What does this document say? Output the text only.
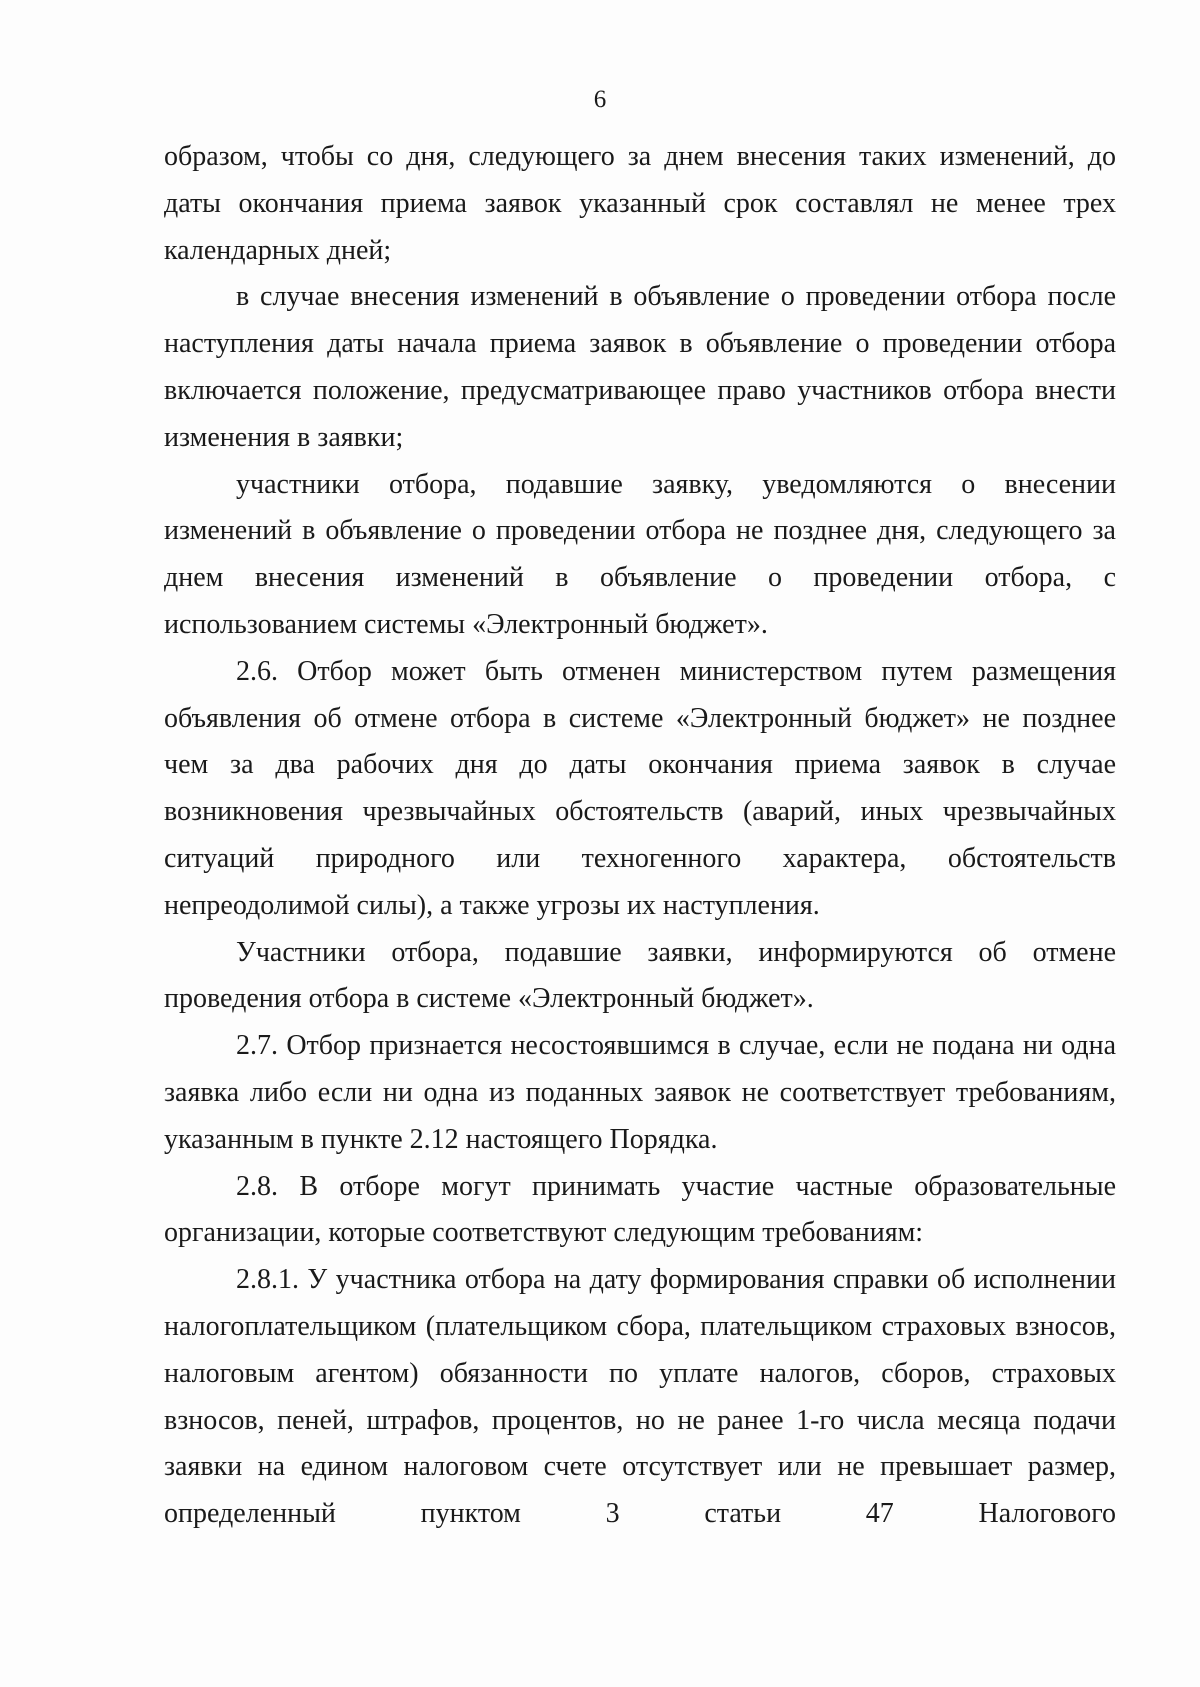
6

образом, чтобы со дня, следующего за днем внесения таких изменений, до даты окончания приема заявок указанный срок составлял не менее трех календарных дней;

в случае внесения изменений в объявление о проведении отбора после наступления даты начала приема заявок в объявление о проведении отбора включается положение, предусматривающее право участников отбора внести изменения в заявки;

участники отбора, подавшие заявку, уведомляются о внесении изменений в объявление о проведении отбора не позднее дня, следующего за днем внесения изменений в объявление о проведении отбора, с использованием системы «Электронный бюджет».

2.6. Отбор может быть отменен министерством путем размещения объявления об отмене отбора в системе «Электронный бюджет» не позднее чем за два рабочих дня до даты окончания приема заявок в случае возникновения чрезвычайных обстоятельств (аварий, иных чрезвычайных ситуаций природного или техногенного характера, обстоятельств непреодолимой силы), а также угрозы их наступления.

Участники отбора, подавшие заявки, информируются об отмене проведения отбора в системе «Электронный бюджет».

2.7. Отбор признается несостоявшимся в случае, если не подана ни одна заявка либо если ни одна из поданных заявок не соответствует требованиям, указанным в пункте 2.12 настоящего Порядка.

2.8. В отборе могут принимать участие частные образовательные организации, которые соответствуют следующим требованиям:

2.8.1. У участника отбора на дату формирования справки об исполнении налогоплательщиком (плательщиком сбора, плательщиком страховых взносов, налоговым агентом) обязанности по уплате налогов, сборов, страховых взносов, пеней, штрафов, процентов, но не ранее 1-го числа месяца подачи заявки на едином налоговом счете отсутствует или не превышает размер, определенный пунктом 3 статьи 47 Налогового
